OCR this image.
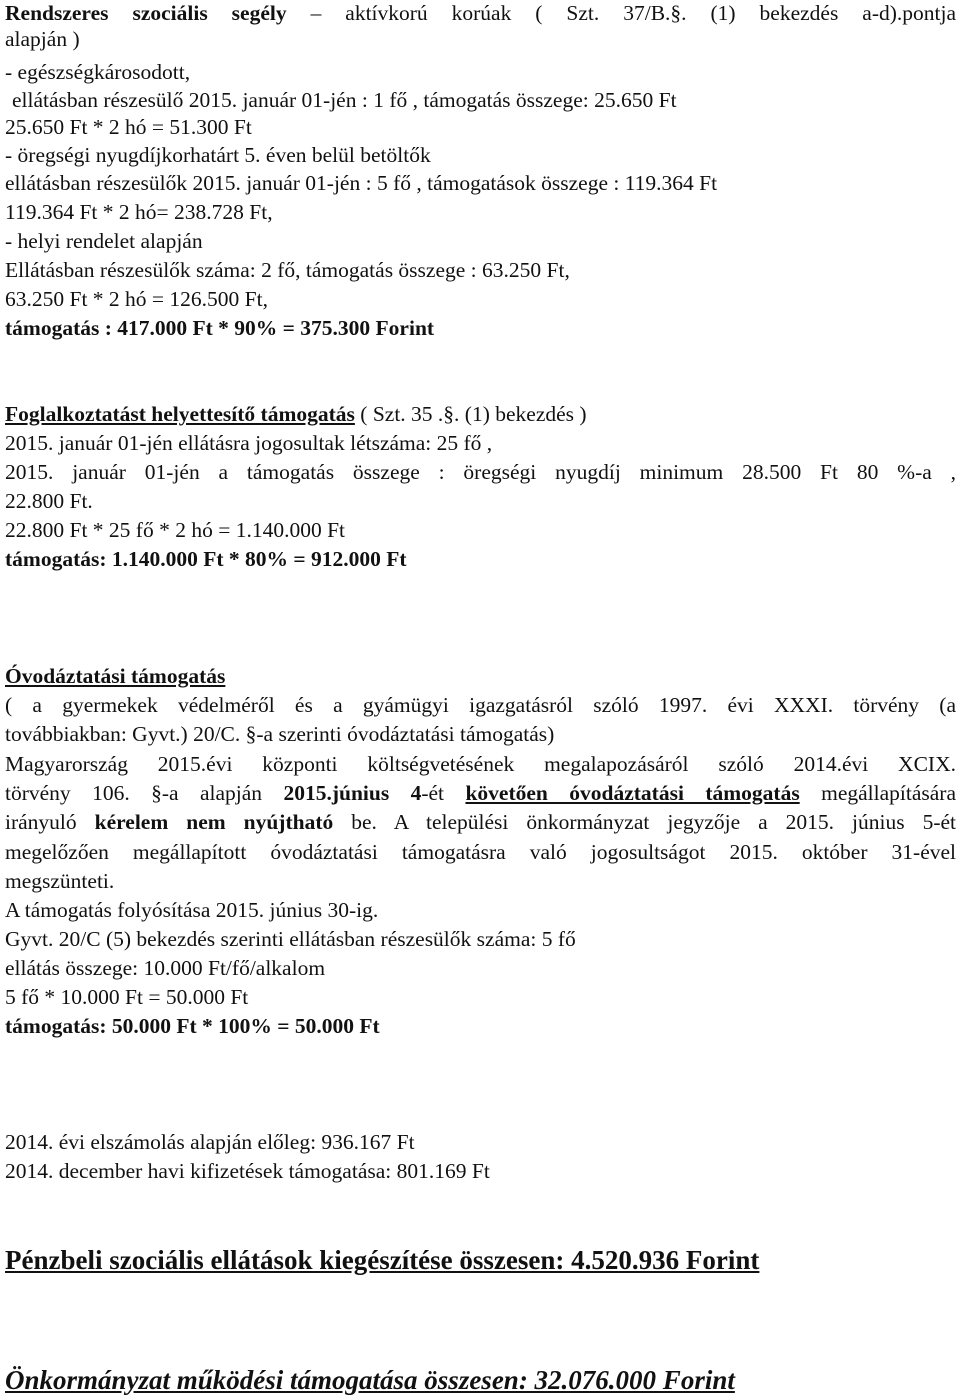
Rendszeres szociális segély – aktívkorú korúak ( Szt. 37/B.§. (1) bekezdés a-d).pontja
alapján )
- egészségkárosodott,
ellátásban részesülő 2015. január 01-jén : 1 fő , támogatás összege: 25.650 Ft
25.650 Ft * 2 hó = 51.300 Ft
- öregségi nyugdíjkorhatárt 5. éven belül betöltők
ellátásban részesülők 2015. január 01-jén : 5 fő , támogatások összege : 119.364 Ft
119.364 Ft * 2 hó= 238.728 Ft,
- helyi rendelet alapján
Ellátásban részesülők száma: 2 fő, támogatás összege : 63.250 Ft,
63.250 Ft * 2 hó = 126.500 Ft,
támogatás : 417.000 Ft * 90% = 375.300 Forint
Foglalkoztatást helyettesítő támogatás ( Szt. 35 .§. (1) bekezdés )
2015. január 01-jén ellátásra jogosultak létszáma: 25 fő ,
2015. január 01-jén a támogatás összege : öregségi nyugdíj minimum 28.500 Ft 80 %-a ,
22.800 Ft.
22.800 Ft * 25 fő * 2 hó = 1.140.000 Ft
támogatás: 1.140.000 Ft * 80% = 912.000 Ft
Óvodáztatási támogatás
( a gyermekek védelméről és a gyámügyi igazgatásról szóló 1997. évi XXXI. törvény (a
továbbiakban: Gyvt.) 20/C. §-a szerinti óvodáztatási támogatás)
Magyarország 2015.évi központi költségvetésének megalapozásáról szóló 2014.évi XCIX.
törvény 106. §-a alapján 2015.június 4-ét követően óvodáztatási támogatás megállapítására
irányuló kérelem nem nyújtható be. A települési önkormányzat jegyzője a 2015. június 5-ét
megelőzően megállapított óvodáztatási támogatásra való jogosultságot 2015. október 31-ével
megszünteti.
A támogatás folyósítása 2015. június 30-ig.
Gyvt. 20/C (5) bekezdés szerinti ellátásban részesülők száma: 5 fő
ellátás összege: 10.000 Ft/fő/alkalom
5 fő * 10.000 Ft = 50.000 Ft
támogatás: 50.000 Ft * 100% = 50.000 Ft
2014. évi elszámolás alapján előleg: 936.167 Ft
2014. december havi kifizetések támogatása: 801.169 Ft
Pénzbeli szociális ellátások kiegészítése összesen: 4.520.936 Forint
Önkormányzat működési támogatása összesen: 32.076.000 Forint
